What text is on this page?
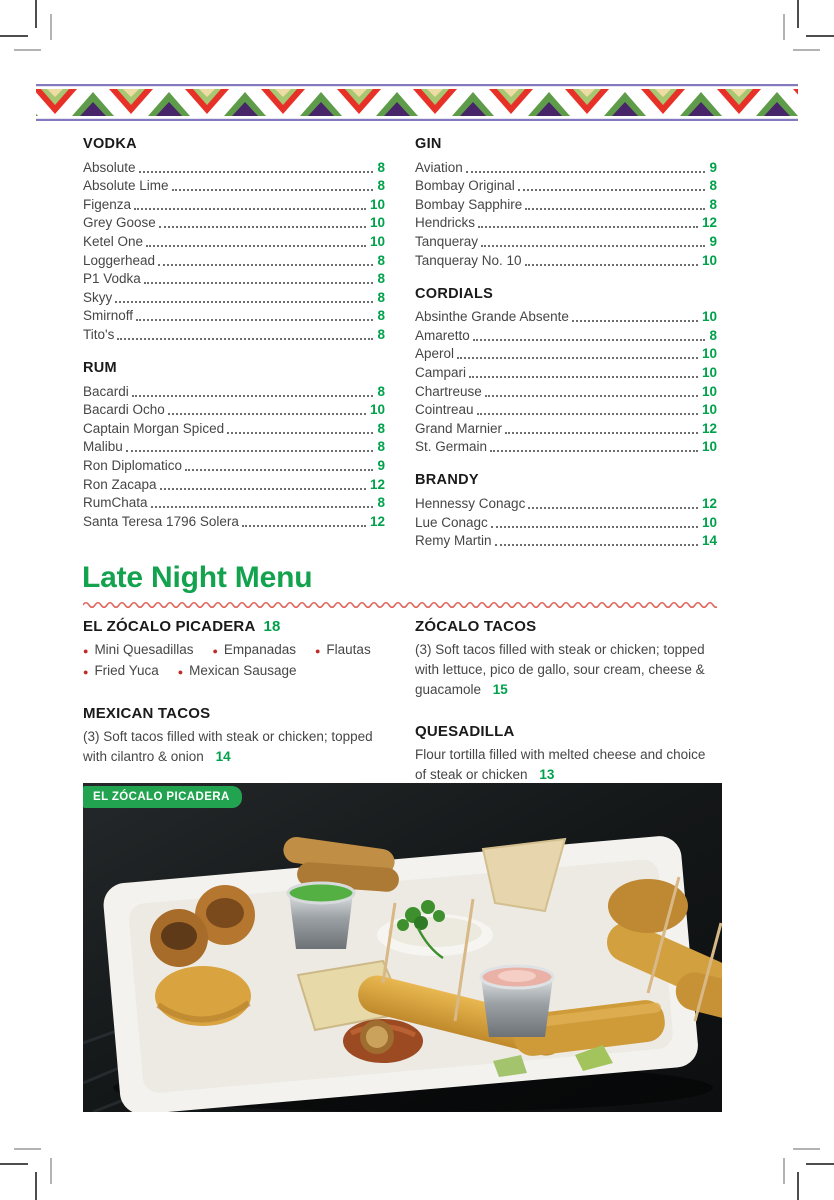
VODKA
Absolute	8
Absolute Lime	8
Figenza	10
Grey Goose	10
Ketel One	10
Loggerhead	8
P1 Vodka	8
Skyy	8
Smirnoff	8
Tito's	8
RUM
Bacardi	8
Bacardi Ocho	10
Captain Morgan Spiced	8
Malibu	8
Ron Diplomatico	9
Ron Zacapa	12
RumChata	8
Santa Teresa 1796 Solera	12
GIN
Aviation	9
Bombay Original	8
Bombay Sapphire	8
Hendricks	12
Tanqueray	9
Tanqueray No. 10	10
CORDIALS
Absinthe Grande Absente	10
Amaretto	8
Aperol	10
Campari	10
Chartreuse	10
Cointreau	10
Grand Marnier	12
St. Germain	10
BRANDY
Hennessy Conagc	12
Lue Conagc	10
Remy Martin	14
Late Night Menu
EL ZÓCALO PICADERA 18
● Mini Quesadillas ● Empanadas ● Flautas
● Fried Yuca ● Mexican Sausage
MEXICAN TACOS

(3) Soft tacos filled with steak or chicken; topped with cilantro & onion 14

ZÓCALO TACOS

(3) Soft tacos filled with steak or chicken; topped with lettuce, pico de gallo, sour cream, cheese & guacamole 15

QUESADILLA

Flour tortilla filled with melted cheese and choice of steak or chicken 13

EL ZÓCALO PICADERA
